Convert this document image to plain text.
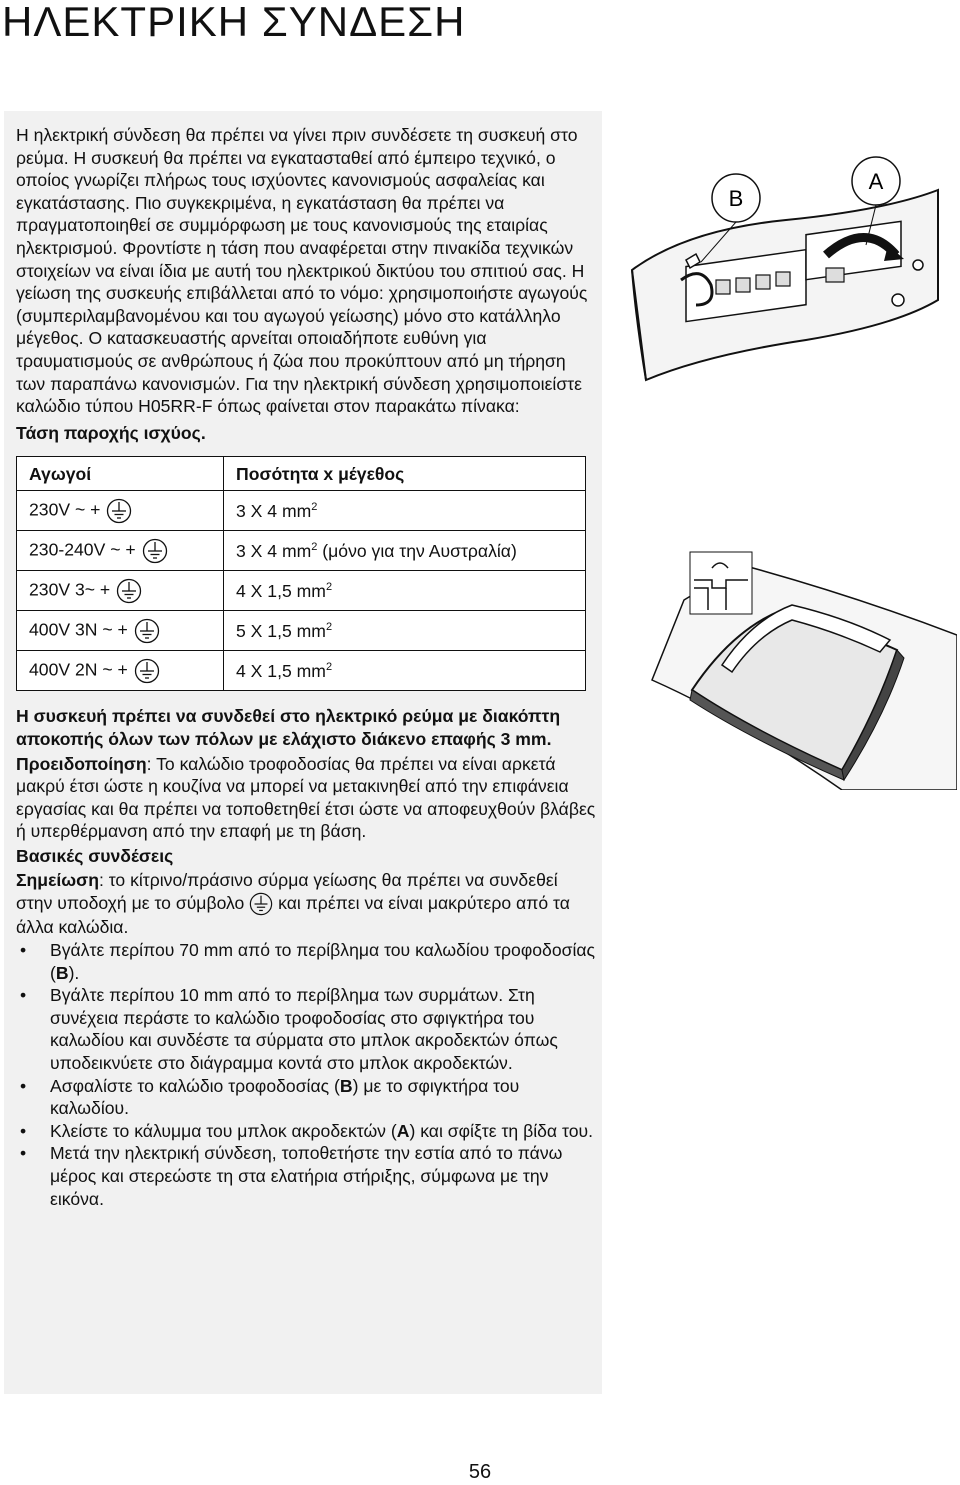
ΗΛΕΚΤΡΙΚΗ ΣΥΝΔΕΣΗ

Η ηλεκτρική σύνδεση θα πρέπει να γίνει πριν συνδέσετε τη συσκευή στο ρεύμα. Η συσκευή θα πρέπει να εγκατασταθεί από έμπειρο τεχνικό, ο οποίος γνωρίζει πλήρως τους ισχύοντες κανονισμούς ασφαλείας και εγκατάστασης. Πιο συγκεκριμένα, η εγκατάσταση θα πρέπει να πραγματοποιηθεί σε συμμόρφωση με τους κανονισμούς της εταιρίας ηλεκτρισμού. Φροντίστε η τάση που αναφέρεται στην πινακίδα τεχνικών στοιχείων να είναι ίδια με αυτή του ηλεκτρικού δικτύου του σπιτιού σας. Η γείωση της συσκευής επιβάλλεται από το νόμο: χρησιμοποιήστε αγωγούς (συμπεριλαμβανομένου και του αγωγού γείωσης) μόνο στο κατάλληλο μέγεθος. Ο κατασκευαστής αρνείται οποιαδήποτε ευθύνη για τραυματισμούς σε ανθρώπους ή ζώα που προκύπτουν από μη τήρηση των παραπάνω κανονισμών. Για την ηλεκτρική σύνδεση χρησιμοποιείστε καλώδιο τύπου H05RR-F όπως φαίνεται στον παρακάτω πίνακα:

Τάση παροχής ισχύος.

Αγωγοί	Ποσότητα x μέγεθος
230V ~ +	3 X 4 $mm^2$
230-240V ~ +	3 X 4 $mm^2$ (μόνο για την Αυστραλία)
230V 3~ +	4 X 1,5 $mm^2$
400V 3N ~ +	5 X 1,5 $mm^2$
400V 2N ~ +	4 X 1,5 $mm^2$

Η συσκευή πρέπει να συνδεθεί στο ηλεκτρικό ρεύμα με διακόπτη αποκοπής όλων των πόλων με ελάχιστο διάκενο επαφής 3 mm.

Προειδοποίηση: Το καλώδιο τροφοδοσίας θα πρέπει να είναι αρκετά μακρύ έτσι ώστε η κουζίνα να μπορεί να μετακινηθεί από την επιφάνεια εργασίας και θα πρέπει να τοποθετηθεί έτσι ώστε να αποφευχθούν βλάβες ή υπερθέρμανση από την επαφή με τη βάση.

Βασικές συνδέσεις

Σημείωση: το κίτρινο/πράσινο σύρμα γείωσης θα πρέπει να συνδεθεί στην υποδοχή με το σύμβολο  και πρέπει να είναι μακρύτερο από τα άλλα καλώδια.

• Βγάλτε περίπου 70 mm από το περίβλημα του καλωδίου τροφοδοσίας (B).
• Βγάλτε περίπου 10 mm από το περίβλημα των συρμάτων. Στη συνέχεια περάστε το καλώδιο τροφοδοσίας στο σφιγκτήρα του καλωδίου και συνδέστε τα σύρματα στο μπλοκ ακροδεκτών όπως υποδεικνύετε στο διάγραμμα κοντά στο μπλοκ ακροδεκτών.
• Ασφαλίστε το καλώδιο τροφοδοσίας (B) με το σφιγκτήρα του καλωδίου.
• Κλείστε το κάλυμμα του μπλοκ ακροδεκτών (A) και σφίξτε τη βίδα του.
• Μετά την ηλεκτρική σύνδεση, τοποθετήστε την εστία από το πάνω μέρος και στερεώστε τη στα ελατήρια στήριξης, σύμφωνα με την εικόνα.
B
A
56
